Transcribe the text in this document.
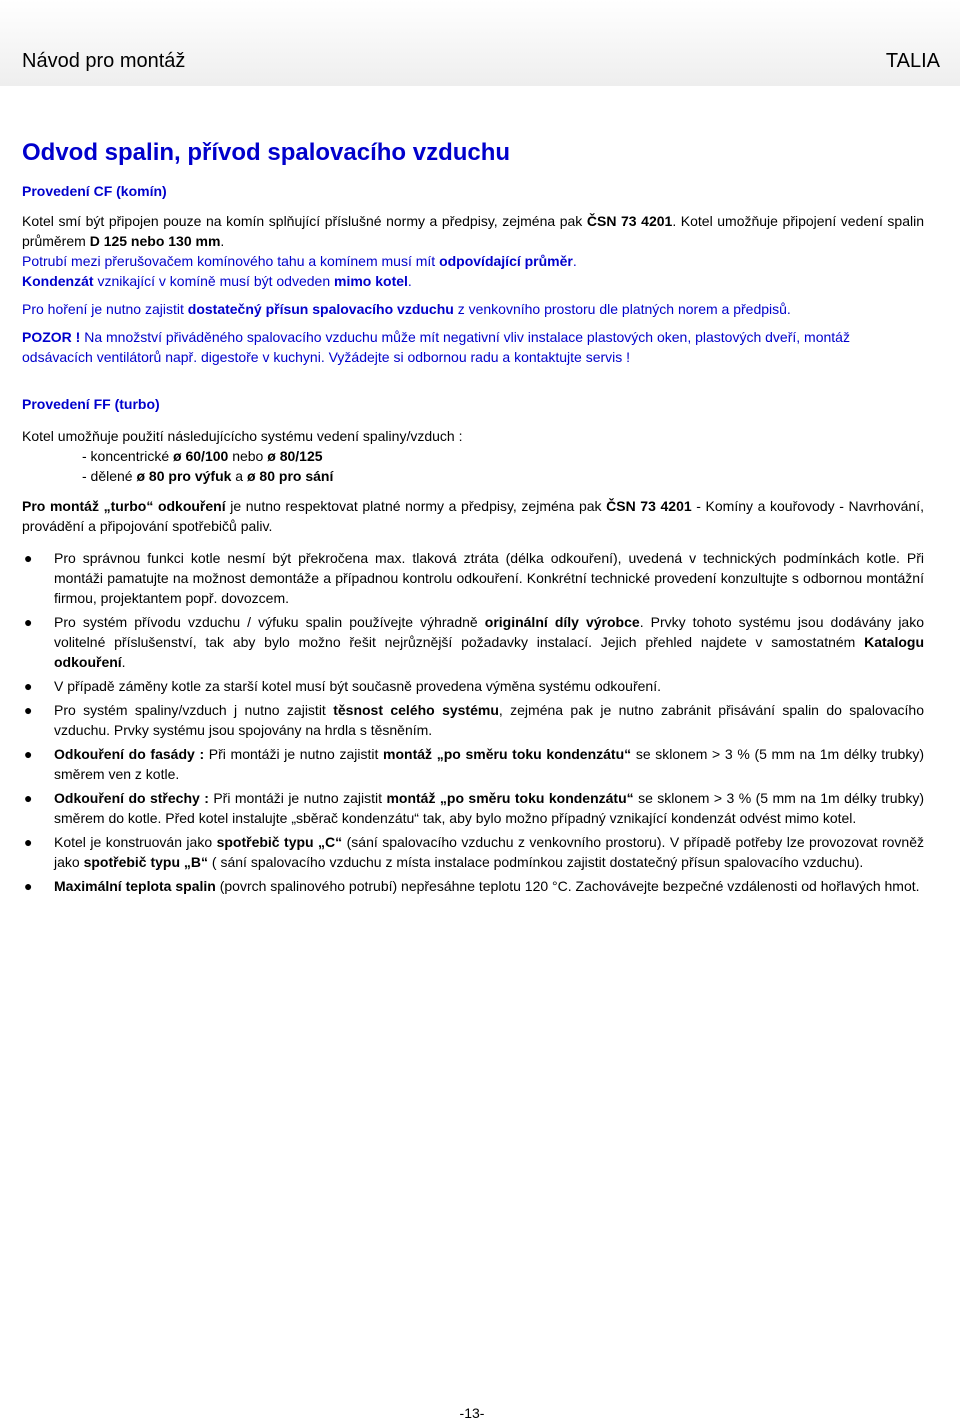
Návod pro montáž	TALIA
Odvod spalin, přívod spalovacího vzduchu
Provedení CF (komín)

Kotel smí být připojen pouze na komín splňující příslušné normy a předpisy, zejména pak ČSN 73 4201. Kotel umožňuje připojení vedení spalin průměrem D 125 nebo 130 mm.

Potrubí mezi přerušovačem komínového tahu a komínem musí mít odpovídající průměr.

Kondenzát vznikající v komíně musí být odveden mimo kotel.

Pro hoření je nutno zajistit dostatečný přísun spalovacího vzduchu z venkovního prostoru dle platných norem a předpisů.

POZOR ! Na množství přiváděného spalovacího vzduchu může mít negativní vliv instalace plastových oken, plastových dveří, montáž odsávacích ventilátorů např. digestoře v kuchyni. Vyžádejte si odbornou radu a kontaktujte servis !

Provedení FF (turbo)

Kotel umožňuje použití následujícícho systému vedení spaliny/vzduch :

- koncentrické ø 60/100 nebo ø 80/125

- dělené ø 80 pro výfuk a ø 80 pro sání

Pro montáž „turbo“ odkouření je nutno respektovat platné normy a předpisy, zejména pak ČSN 73 4201 - Komíny a kouřovody - Navrhování, provádění a připojování spotřebičů paliv.

● Pro správnou funkci kotle nesmí být překročena max. tlaková ztráta (délka odkouření), uvedená v technických podmínkách kotle. Při montáži pamatujte na možnost demontáže a případnou kontrolu odkouření. Konkrétní technické provedení konzultujte s odbornou montážní firmou, projektantem popř. dovozcem.
● Pro systém přívodu vzduchu / výfuku spalin používejte výhradně originální díly výrobce. Prvky tohoto systému jsou dodávány jako volitelné příslušenství, tak aby bylo možno řešit nejrůznější požadavky instalací. Jejich přehled najdete v samostatném Katalogu odkouření.
● V případě záměny kotle za starší kotel musí být současně provedena výměna systému odkouření.
● Pro systém spaliny/vzduch j nutno zajistit těsnost celého systému, zejména pak je nutno zabránit přisávání spalin do spalovacího vzduchu. Prvky systému jsou spojovány na hrdla s těsněním.
● Odkouření do fasády : Při montáži je nutno zajistit montáž „po směru toku kondenzátu“ se sklonem > 3 % (5 mm na 1m délky trubky) směrem ven z kotle.
● Odkouření do střechy : Při montáži je nutno zajistit montáž „po směru toku kondenzátu“ se sklonem > 3 % (5 mm na 1m délky trubky) směrem do kotle. Před kotel instalujte „sběrač kondenzátu“ tak, aby bylo možno případný vznikající kondenzát odvést mimo kotel.
● Kotel je konstruován jako spotřebič typu „C“ (sání spalovacího vzduchu z venkovního prostoru). V případě potřeby lze provozovat rovněž jako spotřebič typu „B“ ( sání spalovacího vzduchu z místa instalace podmínkou zajistit dostatečný přísun spalovacího vzduchu).
● Maximální teplota spalin (povrch spalinového potrubí) nepřesáhne teplotu 120 °C. Zachovávejte bezpečné vzdálenosti od hořlavých hmot.
-13-
